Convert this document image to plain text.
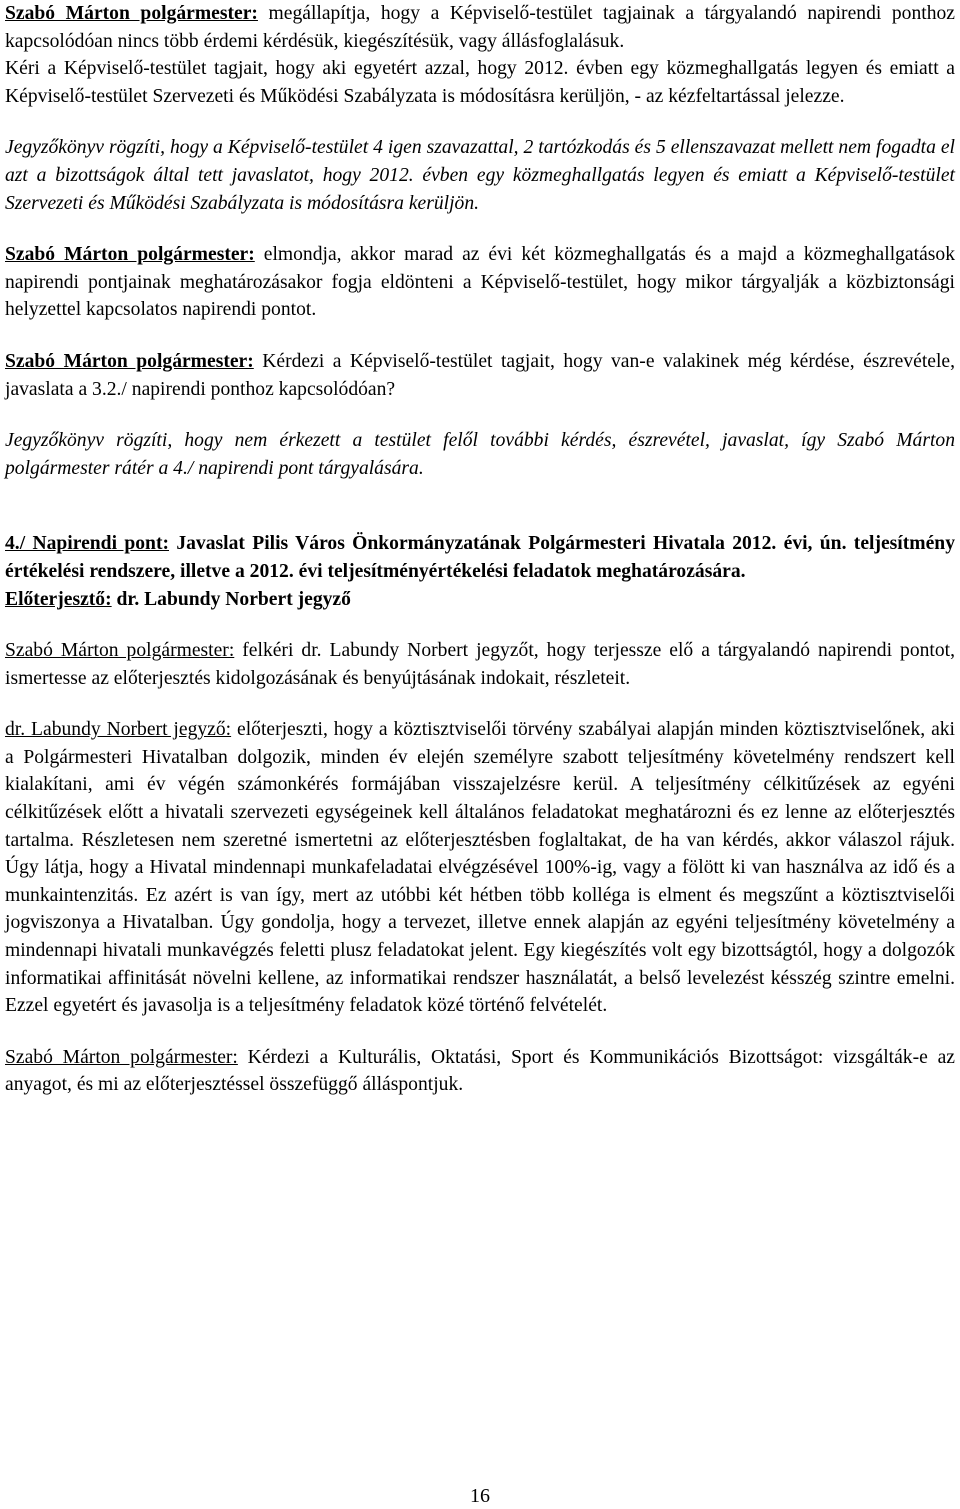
Szabó Márton polgármester: megállapítja, hogy a Képviselő-testület tagjainak a tárgyalandó napirendi ponthoz kapcsolódóan nincs több érdemi kérdésük, kiegészítésük, vagy állásfoglalásuk.

Kéri a Képviselő-testület tagjait, hogy aki egyetért azzal, hogy 2012. évben egy közmeghallgatás legyen és emiatt a Képviselő-testület Szervezeti és Működési Szabályzata is módosításra kerüljön, - az kézfeltartással jelezze.

Jegyzőkönyv rögzíti, hogy a Képviselő-testület 4 igen szavazattal, 2 tartózkodás és 5 ellenszavazat mellett nem fogadta el azt a bizottságok által tett javaslatot, hogy 2012. évben egy közmeghallgatás legyen és emiatt a Képviselő-testület Szervezeti és Működési Szabályzata is módosításra kerüljön.

Szabó Márton polgármester: elmondja, akkor marad az évi két közmeghallgatás és a majd a közmeghallgatások napirendi pontjainak meghatározásakor fogja eldönteni a Képviselő-testület, hogy mikor tárgyalják a közbiztonsági helyzettel kapcsolatos napirendi pontot.

Szabó Márton polgármester: Kérdezi a Képviselő-testület tagjait, hogy van-e valakinek még kérdése, észrevétele, javaslata a 3.2./ napirendi ponthoz kapcsolódóan?

Jegyzőkönyv rögzíti, hogy nem érkezett a testület felől további kérdés, észrevétel, javaslat, így Szabó Márton polgármester rátér a 4./ napirendi pont tárgyalására.

4./ Napirendi pont: Javaslat Pilis Város Önkormányzatának Polgármesteri Hivatala 2012. évi, ún. teljesítmény értékelési rendszere, illetve a 2012. évi teljesítményértékelési feladatok meghatározására.

Előterjesztő: dr. Labundy Norbert jegyző

Szabó Márton polgármester: felkéri dr. Labundy Norbert jegyzőt, hogy terjessze elő a tárgyalandó napirendi pontot, ismertesse az előterjesztés kidolgozásának és benyújtásának indokait, részleteit.

dr. Labundy Norbert jegyző: előterjeszti, hogy a köztisztviselői törvény szabályai alapján minden köztisztviselőnek, aki a Polgármesteri Hivatalban dolgozik, minden év elején személyre szabott teljesítmény követelmény rendszert kell kialakítani, ami év végén számonkérés formájában visszajelzésre kerül. A teljesítmény célkitűzések az egyéni célkitűzések előtt a hivatali szervezeti egységeinek kell általános feladatokat meghatározni és ez lenne az előterjesztés tartalma. Részletesen nem szeretné ismertetni az előterjesztésben foglaltakat, de ha van kérdés, akkor válaszol rájuk. Úgy látja, hogy a Hivatal mindennapi munkafeladatai elvégzésével 100%-ig, vagy a fölött ki van használva az idő és a munkaintenzitás. Ez azért is van így, mert az utóbbi két hétben több kolléga is elment és megszűnt a köztisztviselői jogviszonya a Hivatalban. Úgy gondolja, hogy a tervezet, illetve ennek alapján az egyéni teljesítmény követelmény a mindennapi hivatali munkavégzés feletti plusz feladatokat jelent. Egy kiegészítés volt egy bizottságtól, hogy a dolgozók informatikai affinitását növelni kellene, az informatikai rendszer használatát, a belső levelezést késszég szintre emelni. Ezzel egyetért és javasolja is a teljesítmény feladatok közé történő felvételét.

Szabó Márton polgármester: Kérdezi a Kulturális, Oktatási, Sport és Kommunikációs Bizottságot: vizsgálták-e az anyagot, és mi az előterjesztéssel összefüggő álláspontjuk.

16
